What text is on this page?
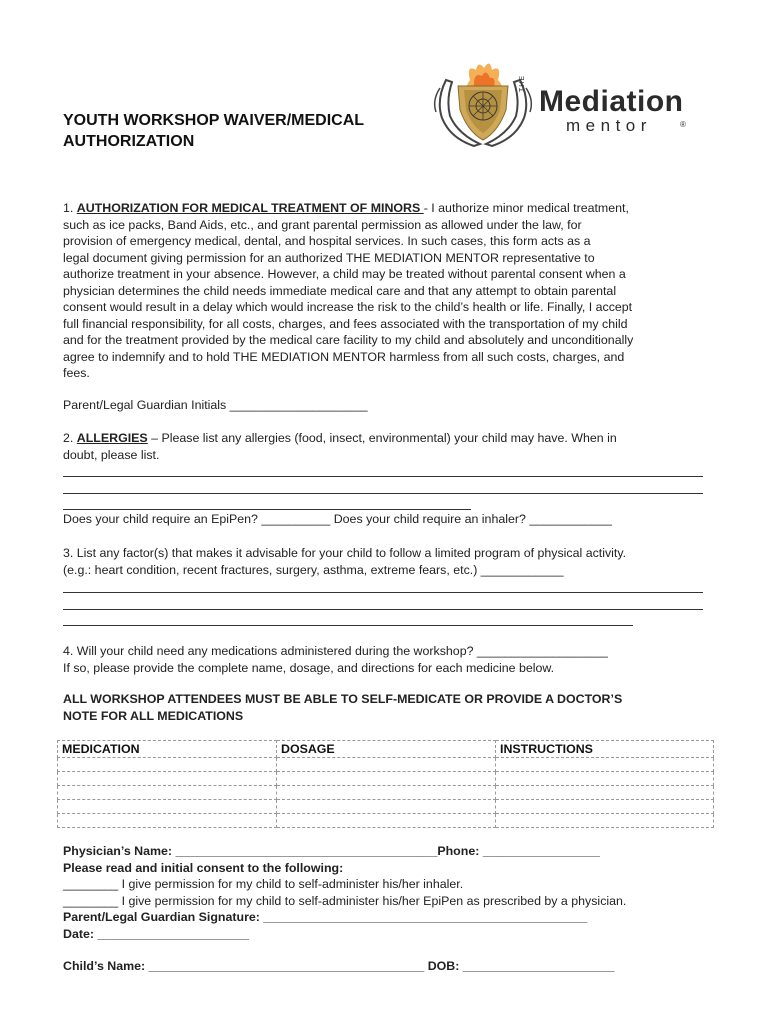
YOUTH WORKSHOP WAIVER/MEDICAL
AUTHORIZATION
THE
Mediation
mentor	®
1. AUTHORIZATION FOR MEDICAL TREATMENT OF MINORS - I authorize minor medical treatment,
such as ice packs, Band Aids, etc., and grant parental permission as allowed under the law, for
provision of emergency medical, dental, and hospital services. In such cases, this form acts as a
legal document giving permission for an authorized THE MEDIATION MENTOR representative to
authorize treatment in your absence. However, a child may be treated without parental consent when a
physician determines the child needs immediate medical care and that any attempt to obtain parental
consent would result in a delay which would increase the risk to the child’s health or life. Finally, I accept
full financial responsibility, for all costs, charges, and fees associated with the transportation of my child
and for the treatment provided by the medical care facility to my child and absolutely and unconditionally
agree to indemnify and to hold THE MEDIATION MENTOR harmless from all such costs, charges, and
fees.
Parent/Legal Guardian Initials ____________________
2. ALLERGIES – Please list any allergies (food, insect, environmental) your child may have. When in
doubt, please list.
Does your child require an EpiPen? __________ Does your child require an inhaler? ____________
3. List any factor(s) that makes it advisable for your child to follow a limited program of physical activity.
(e.g.: heart condition, recent fractures, surgery, asthma, extreme fears, etc.) ____________
4. Will your child need any medications administered during the workshop? ___________________
If so, please provide the complete name, dosage, and directions for each medicine below.
ALL WORKSHOP ATTENDEES MUST BE ABLE TO SELF-MEDICATE OR PROVIDE A DOCTOR’S
NOTE FOR ALL MEDICATIONS
MEDICATION	DOSAGE	INSTRUCTIONS

Physician’s Name: ______________________________________Phone: _________________
Please read and initial consent to the following:
________ I give permission for my child to self-administer his/her inhaler.
________ I give permission for my child to self-administer his/her EpiPen as prescribed by a physician.
Parent/Legal Guardian Signature: _______________________________________________
Date: ______________________
Child’s Name: ________________________________________ DOB: ______________________
